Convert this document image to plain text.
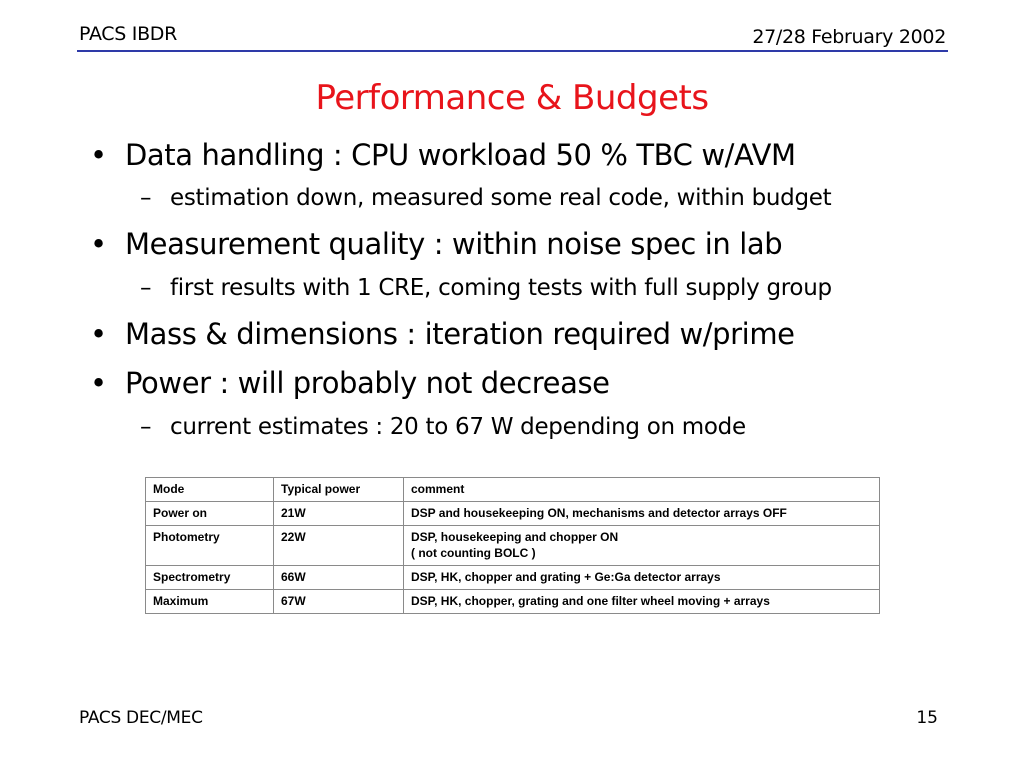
PACS IBDR	27/28 February 2002
Performance & Budgets
• Data handling : CPU workload 50 % TBC w/AVM
– estimation down, measured some real code, within budget
• Measurement quality : within noise spec in lab
– first results with 1 CRE, coming tests with full supply group
• Mass & dimensions : iteration required w/prime
• Power : will probably not decrease
– current estimates : 20 to 67 W depending on mode
Mode	Typical power	comment
Power on	21W	DSP and housekeeping ON, mechanisms and detector arrays OFF
Photometry	22W	DSP, housekeeping and chopper ON
( not counting BOLC )

Spectrometry	66W	DSP, HK, chopper and grating + Ge:Ga detector arrays
Maximum	67W	DSP, HK, chopper, grating and one filter wheel moving + arrays
PACS DEC/MEC	15
